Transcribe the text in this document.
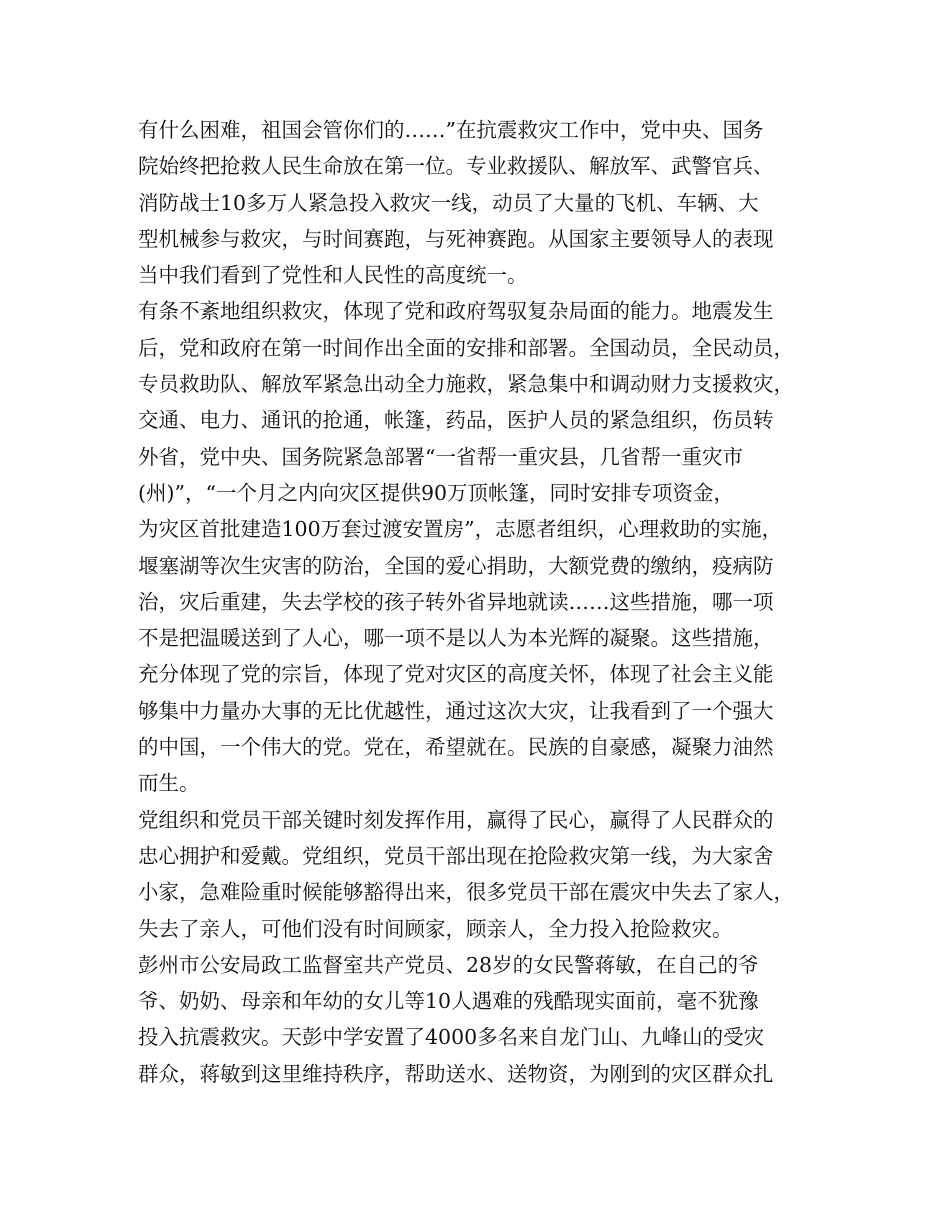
有什么困难，祖国会管你们的……”在抗震救灾工作中，党中央、国务
院始终把抢救人民生命放在第一位。专业救援队、解放军、武警官兵、
消防战士10多万人紧急投入救灾一线，动员了大量的飞机、车辆、大
型机械参与救灾，与时间赛跑，与死神赛跑。从国家主要领导人的表现
当中我们看到了党性和人民性的高度统一。
有条不紊地组织救灾，体现了党和政府驾驭复杂局面的能力。地震发生
后，党和政府在第一时间作出全面的安排和部署。全国动员，全民动员，
专员救助队、解放军紧急出动全力施救，紧急集中和调动财力支援救灾，
交通、电力、通讯的抢通，帐篷，药品，医护人员的紧急组织，伤员转
外省，党中央、国务院紧急部署“一省帮一重灾县，几省帮一重灾市
(州)”，“一个月之内向灾区提供90万顶帐篷，同时安排专项资金，
为灾区首批建造100万套过渡安置房”，志愿者组织，心理救助的实施，
堰塞湖等次生灾害的防治，全国的爱心捐助，大额党费的缴纳，疫病防
治，灾后重建，失去学校的孩子转外省异地就读……这些措施，哪一项
不是把温暖送到了人心，哪一项不是以人为本光辉的凝聚。这些措施，
充分体现了党的宗旨，体现了党对灾区的高度关怀，体现了社会主义能
够集中力量办大事的无比优越性，通过这次大灾，让我看到了一个强大
的中国，一个伟大的党。党在，希望就在。民族的自豪感，凝聚力油然
而生。
党组织和党员干部关键时刻发挥作用，赢得了民心，赢得了人民群众的
忠心拥护和爱戴。党组织，党员干部出现在抢险救灾第一线，为大家舍
小家，急难险重时候能够豁得出来，很多党员干部在震灾中失去了家人，
失去了亲人，可他们没有时间顾家，顾亲人，全力投入抢险救灾。
彭州市公安局政工监督室共产党员、28岁的女民警蒋敏，在自己的爷
爷、奶奶、母亲和年幼的女儿等10人遇难的残酷现实面前，毫不犹豫
投入抗震救灾。天彭中学安置了4000多名来自龙门山、九峰山的受灾
群众，蒋敏到这里维持秩序，帮助送水、送物资，为刚到的灾区群众扎
